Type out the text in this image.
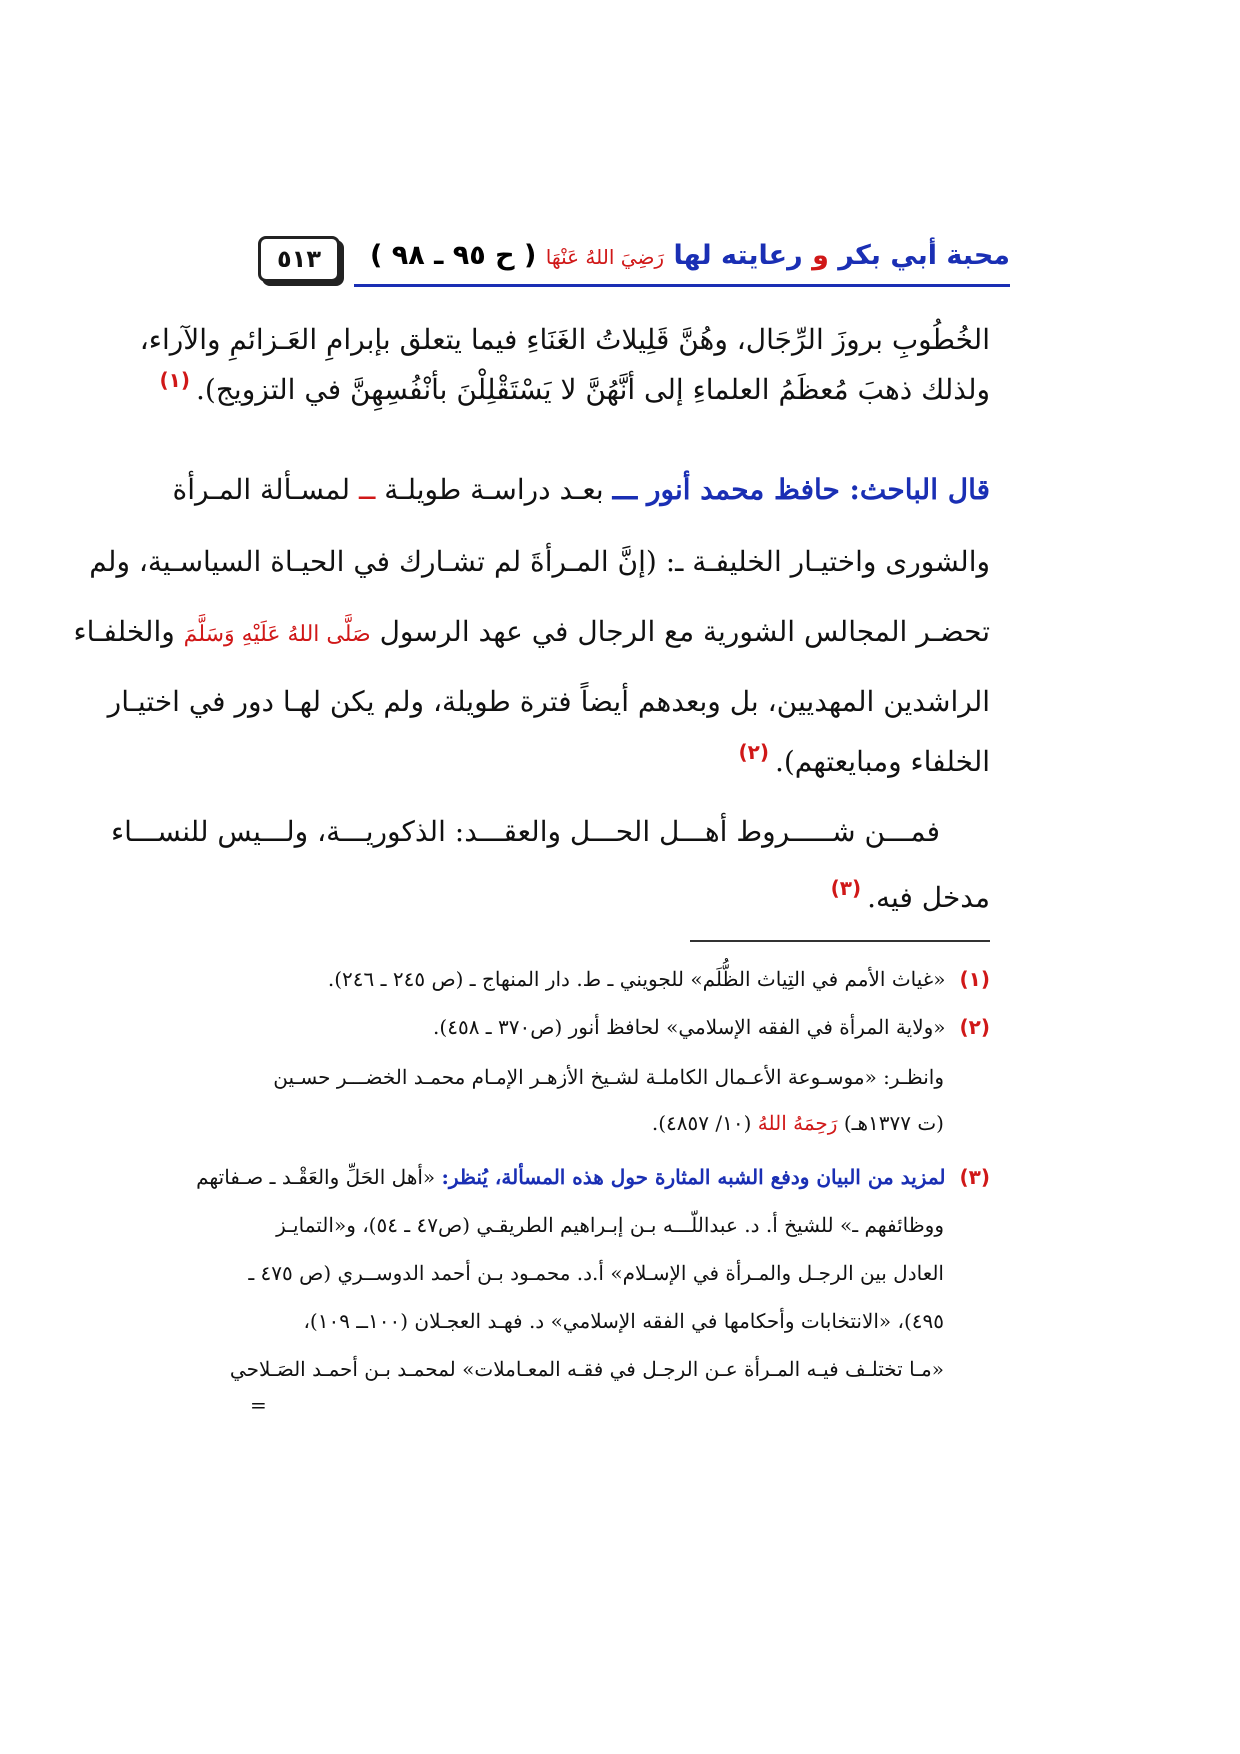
٥١٣	محبة أبي بكر و رعايته لها رَضِيَ اللهُ عَنْهَا ( ح ٩٥ ـ ٩٨ )
الخُطُوبِ بروزَ الرِّجَال، وهُنَّ قَلِيلاتُ الغَنَاءِ فيما يتعلق بإبرامِ العَـزائمِ والآراء،
ولذلك ذهبَ مُعظَمُ العلماءِ إلى أنَّهُنَّ لا يَسْتَقْلِلْنَ بأنْفُسِهِنَّ في التزويج).$^{(١)}$
قال الباحث: حافظ محمد أنور ـــ بعـد دراسـة طويلـة ــ لمسـألة المـرأة
والشورى واختيـار الخليفـة ـ: (إنَّ المـرأةَ لم تشـارك في الحيـاة السياسـية، ولم
تحضـر المجالس الشورية مع الرجال في عهد الرسول صَلَّى اللهُ عَلَيْهِ وَسَلَّمَ والخلفـاء
الراشدين المهديين، بل وبعدهم أيضاً فترة طويلة، ولم يكن لهـا دور في اختيـار
الخلفاء ومبايعتهم).$^{(٢)}$
فمـــن شـــــروط أهـــل الحـــل والعقـــد: الذكوريـــة، ولـــيس للنســـاء
مدخل فيه.$^{(٣)}$
(١)«غياث الأمم في التِياث الظُّلَم» للجويني ـ ط. دار المنهاج ـ (ص ٢٤٥ ـ ٢٤٦).
(٢)«ولاية المرأة في الفقه الإسلامي» لحافظ أنور (ص٣٧٠ ـ ٤٥٨).
وانظـر: «موسـوعة الأعـمال الكاملـة لشـيخ الأزهـر الإمـام محمـد الخضـــر حسـين
(ت ١٣٧٧هـ) رَحِمَهُ اللهُ (١٠/ ٤٨٥٧).
(٣)لمزيد من البيان ودفع الشبه المثارة حول هذه المسألة، يُنظر: «أهل الحَلِّ والعَقْـد ـ صـفاتهم
ووظائفهم ـ» للشيخ أ. د. عبداللّـــه بـن إبـراهيم الطريقـي (ص٤٧ ـ ٥٤)، و«التمايـز
العادل بين الرجـل والمـرأة في الإسـلام» أ.د. محمـود بـن أحمد الدوســري (ص ٤٧٥ ـ
٤٩٥)، «الانتخابات وأحكامها في الفقه الإسلامي» د. فهـد العجـلان (١٠٠ــ ١٠٩)،
«مـا تختلـف فيـه المـرأة عـن الرجـل في فقـه المعـاملات» لمحمـد بـن أحمـد الصَـلاحي
=
